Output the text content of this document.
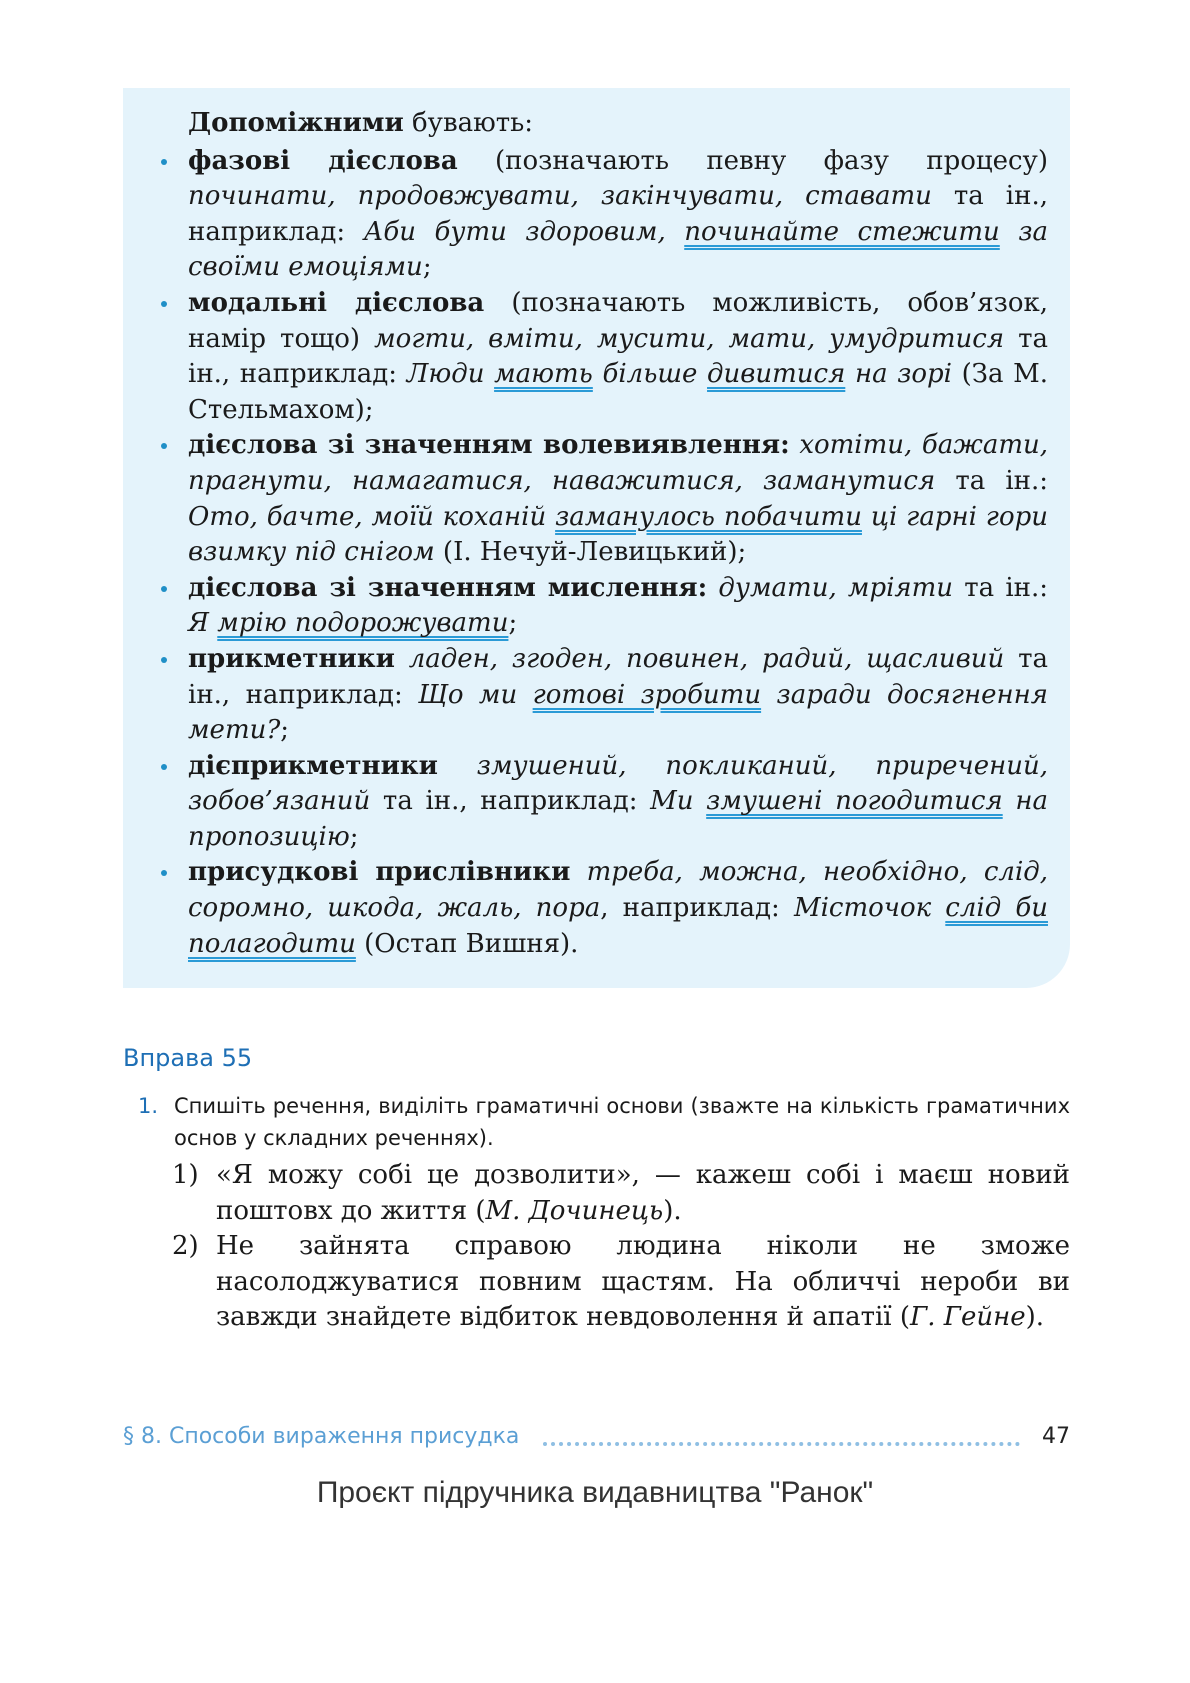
Допоміжними бувають:

фазові дієслова (позначають певну фазу процесу) починати, продовжувати, закінчувати, ставати та ін., наприклад: Аби бути здоровим, починайте стежити за своїми емоціями;
модальні дієслова (позначають можливість, обов’язок, намір тощо) могти, вміти, мусити, мати, умудритися та ін., наприклад: Люди мають більше дивитися на зорі (За М. Стельмахом);
дієслова зі значенням волевиявлення: хотіти, бажати, прагнути, намагатися, наважитися, заманутися та ін.: Ото, бачте, моїй коханій заманулось побачити ці гарні гори взимку під снігом (І. Нечуй-Левицький);
дієслова зі значенням мислення: думати, мріяти та ін.: Я мрію подорожувати;
прикметники ладен, згоден, повинен, радий, щасливий та ін., наприклад: Що ми готові зробити заради досягнення мети?;
дієприкметники змушений, покликаний, приречений, зобов’язаний та ін., наприклад: Ми змушені погодитися на пропозицію;
присудкові прислівники треба, можна, необхідно, слід, соромно, шкода, жаль, пора, наприклад: Місточок слід би полагодити (Остап Вишня).
Вправа 55
1. Спишіть речення, виділіть граматичні основи (зважте на кількість граматичних основ у складних реченнях).

1) «Я можу собі це дозволити», — кажеш собі і маєш новий поштовх до життя (М. Дочинець).

2) Не зайнята справою людина ніколи не зможе насолоджуватися повним щастям. На обличчі нероби ви завжди знайдете відбиток невдоволення й апатії (Г. Гейне).

§ 8. Способи вираження присудка	47
Проєкт підручника видавництва "Ранок"
